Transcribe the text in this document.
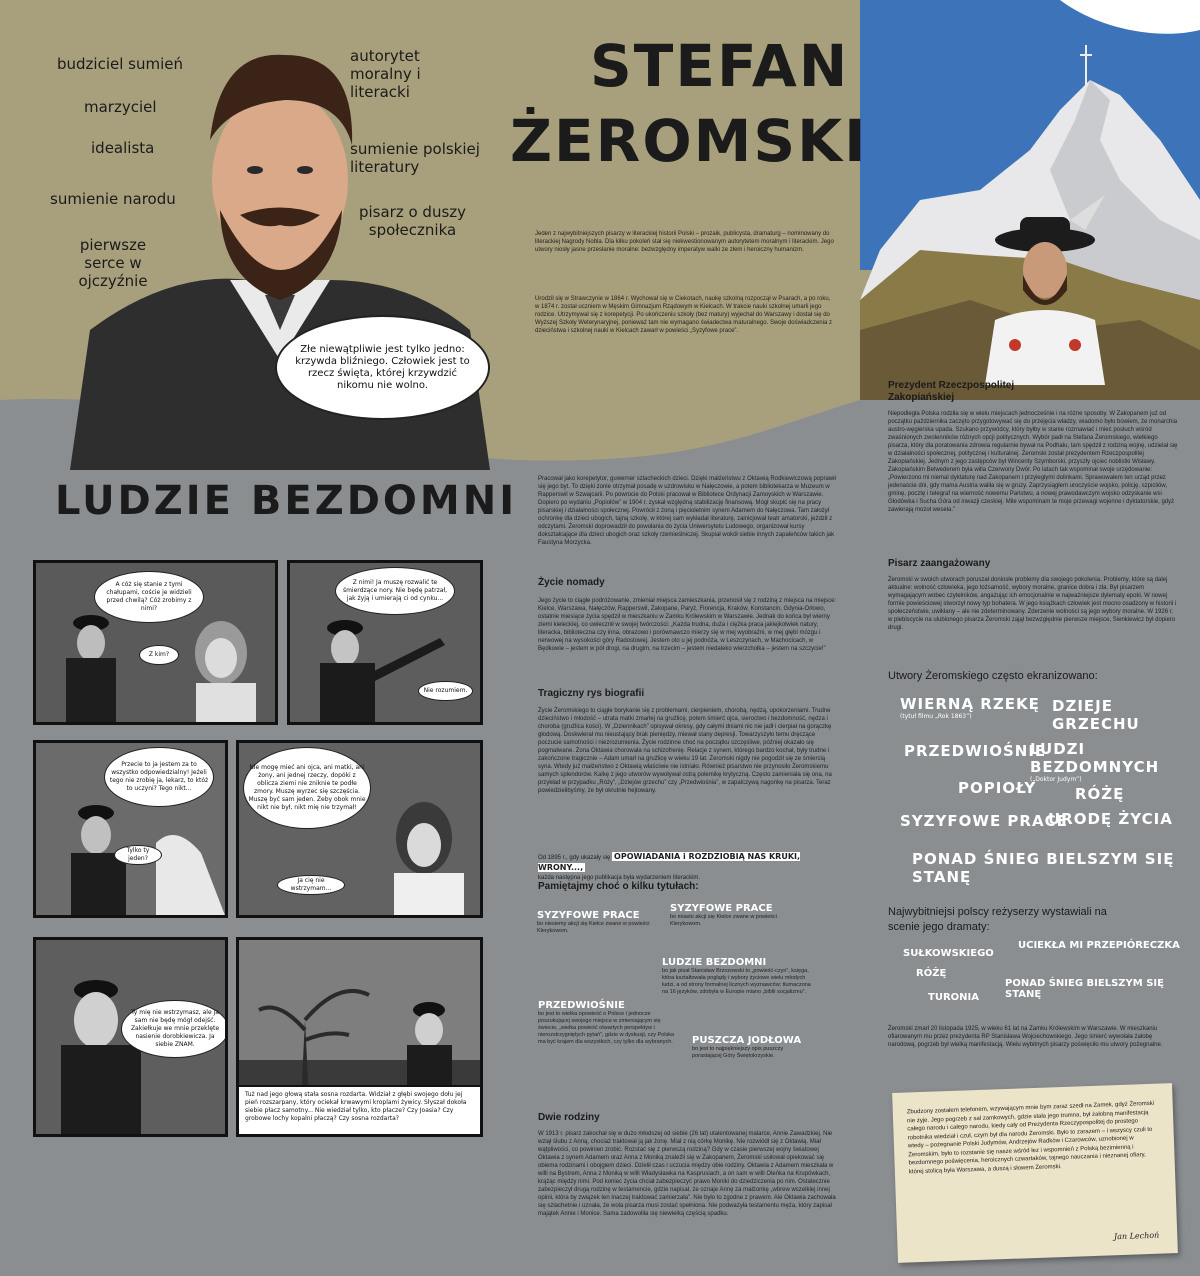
budziciel sumień
marzyciel
idealista
sumienie narodu
pierwsze serce w ojczyźnie
autorytet moralny i literacki
sumienie polskiej literatury
pisarz o duszy społecznika
Złe niewątpliwie jest tylko jedno: krzywda bliźniego. Człowiek jest to rzecz święta, której krzywdzić nikomu nie wolno.
STEFAN
ŻEROMSKI

Jeden z najwybitniejszych pisarzy w literackiej historii Polski – prozaik, publicysta, dramaturg – nominowany do literackiej Nagrody Nobla. Dla kilku pokoleń stał się niekwestionowanym autorytetem moralnym i literackim. Jego utwory niosły jasne przesłanie moralne: bezwzględny imperatyw walki ze złem i heroiczny humanizm.

Urodził się w Strawczynie w 1864 r. Wychował się w Ciekotach, naukę szkolną rozpoczął w Psarach, a po roku, w 1874 r. został uczniem w Męskim Gimnazjum Rządowym w Kielcach. W trakcie nauki szkolnej umarli jego rodzice. Utrzymywał się z korepetycji. Po ukończeniu szkoły (bez matury) wyjechał do Warszawy i dostał się do Wyższej Szkoły Weterynaryjnej, ponieważ tam nie wymagano świadectwa maturalnego. Swoje doświadczenia z dzieciństwa i szkolnej nauki w Kielcach zawarł w powieści „Syzyfowe prace”.

LUDZIE BEZDOMNI
A cóż się stanie z tymi chałupami, coście je widzieli przed chwilą? Cóż zrobimy z nimi?
Z kim?
Z nimi! Ja muszę rozwalić te śmierdzące nory. Nie będę patrzał, jak żyją i umierają ci od cynku...
Nie rozumiem.
Przecie to ja jestem za to wszystko odpowiedzialny! Jeżeli tego nie zrobię ja, lekarz, to któż to uczyni? Tego nikt...
Tylko ty jeden?
Nie mogę mieć ani ojca, ani matki, ani żony, ani jednej rzeczy, dopóki z oblicza ziemi nie zniknie te podłe zmory. Muszę wyrzec się szczęścia. Muszę być sam jeden. Żeby obok mnie nikt nie był, nikt mię nie trzymał!
Ja cię nie wstrzymam...
Ty mię nie wstrzymasz, ale ja sam nie będę mógł odejść. Zakiełkuje we mnie przeklęte nasienie dorobkiewicza. Ja siebie ZNAM.
Tuż nad jego głową stała sosna rozdarta. Widział z głębi swojego dołu jej pień rozszarpany, który ociekał krwawymi kroplami żywicy. Słyszał dokoła siebie płacz samotny... Nie wiedział tylko, kto płacze? Czy Joasia? Czy grobowe lochy kopalni płaczą? Czy sosna rozdarta?

Pracował jako korepetytor, guwerner szlacheckich dzieci. Dzięki małżeństwu z Oktawią Rodkiewiczową poprawił się jego byt. To dzięki żonie otrzymał posadę w uzdrowisku w Nałęczowie, a potem bibliotekarza w Muzeum w Rapperswil w Szwajcarii. Po powrocie do Polski pracował w Bibliotece Ordynacji Zamoyskich w Warszawie. Dopiero po wydaniu „Popiołów” w 1904 r. zyskał względną stabilizację finansową. Mógł skupić się na pracy pisarskiej i działalności społecznej. Powrócił z żoną i pięcioletnim synem Adamem do Nałęczowa. Tam założył ochronkę dla dzieci ubogich, tajną szkołę, w której sam wykładał literaturę, zainicjował teatr amatorski, jeździł z odczytami. Żeromski doprowadził do powołania do życia Uniwersytetu Ludowego, organizował kursy dokształcające dla dzieci ubogich oraz szkoły rzemieślniczej. Skupiał wokół siebie innych zapaleńców takich jak Faustyna Morzycka.

Życie nomady

Jego życie to ciągłe podróżowanie, zmieniał miejsca zamieszkania, przenosił się z rodziną z miejsca na miejsce: Kielce, Warszawa, Nałęczów, Rapperswil, Zakopane, Paryż, Florencja, Kraków, Konstancin, Gdynia-Orłowo, ostatnie miesiące życia spędził w mieszkaniu w Zamku Królewskim w Warszawie. Jednak do końca był wierny ziemi kieleckiej, co uwiecznił w swojej twórczości: „Każda trudna, duża i ciężka praca jakiejkolwiek natury, literacka, biblioteczna czy inna, obrazowo i porównawczo mierzy się w mej wyobraźni, w mej głębi mózgu i nerwowej na wysokości góry Radostowej. Jestem oto u jej podnóża, w Leszczynach, w Machocicach, w Będkowie – jestem w pół drogi, na drugim, na trzecim – jestem niedaleko wierzchołka – jestem na szczycie!”

Tragiczny rys biografii

Życie Żeromskiego to ciągłe borykanie się z problemami, cierpieniem, chorobą, nędzą, upokorzeniami. Trudne dzieciństwo i młodość – utrata matki zmarłej na gruźlicę, potem śmierć ojca, sieroctwo i bezdomność, nędza i choroba (gruźlica kości). W „Dziennikach” opisywał okresy, gdy całymi dniami nic nie jadł i cierpiał na gorączkę głodową. Doskwierał mu nieustający brak pieniędzy, miewał stany depresji. Towarzyszyło temu dręczące poczucie samotności i niezrozumienia. Życie rodzinne choć na początku szczęśliwe, później okazało się pogmatwane. Żona Oktawia chorowała na schizofrenię. Relacje z synem, którego bardzo kochał, były trudne i zakończone tragicznie – Adam umarł na gruźlicę w wieku 19 lat. Żeromski nigdy nie pogodził się ze śmiercią syna. Wtedy już małżeństwo z Oktawią właściwie nie istniało. Również pisarstwo nie przynosiło Żeromskiemu samych splendorów. Kalkę z jego utworów wywoływał ostrą polemikę krytyczną. Często zamieniała się ona, na przykład w przypadku „Róży”, „Dziejów grzechu” czy „Przedwiośnia”, w zapalczywą nagonkę na pisarza. Teraz powiedzielibyśmy, że był okrutnie hejtowany.

Od 1895 r., gdy ukazały się OPOWIADANIA i ROZDZIOBIĄ NAS KRUKI, WRONY...,
każda następna jego publikacja była wydarzeniem literackim.
Pamiętajmy choć o kilku tytułach:
SYZYFOWE PRACE
bo niesiemy akcji się Kielce zwane w powieści Klerykowom.
SYZYFOWE PRACE
bo miasto akcji się Kielce zwane w powieści Klerykowom.
LUDZIE BEZDOMNI
bo jak pisał Stanisław Brzozowski to „powieść-czyn”, księga, która kształtowała poglądy i wybory życiowe wielu młodych ludzi, a od strony formalnej licznych wyznawców; tłumaczona na 16 języków, zdobyła w Europie miano „biblii socjalizmu”.
PRZEDWIOŚNIE
bo jest to wielka opowieść o Polsce i jednocze poszukującej swojego miejsca w zmieniającym się świecie, „wielka powieść otwartych perspektyw i nierozstrzygniętych pytań”, gdzie w dyskusji, czy Polska ma być krajem dla wszystkich, czy tylko dla wybranych.	PUSZCZA JODŁOWA
bo jest to najpiękniejszy opis puszczy porastającej Góry Świętokrzyskie.
Dwie rodziny

W 1913 r. pisarz zakochał się w dużo młodszej od siebie (26 lat) utalentowanej malarce, Annie Zawadzkiej. Nie wziął ślubu z Anną, chociaż traktował ją jak żonę. Miał z nią córkę Monikę. Nie rozwiódł się z Oktawią. Miał wątpliwości, co powinien zrobić. Rozstać się z pierwszą rodziną? Gdy w czasie pierwszej wojny światowej Oktawia z synem Adamem oraz Anna z Moniką znaleźli się w Zakopanem, Żeromski usiłował opiekować się obiema rodzinami i obojgiem dzieci. Dzielił czas i uczucia między obie rodziny. Oktawia z Adamem mieszkała w willi na Bystrem, Anna z Moniką w willi Władysławka na Kasprusiach, a on sam w willi Oleńka na Krupówkach, krążąc między nimi. Pod koniec życia chciał zabezpieczyć prawo Moniki do dziedziczenia po nim. Ostatecznie zabezpieczył drugą rodzinę w testamencie, gdzie napisał, że oznaje Annę za małżonkę „wbrew wszelkiej innej opinii, która by związek ten inaczej traktować zamierzała”. Nie było to zgodne z prawem. Ale Oktawia zachowała się szlachetnie i uznała, że wola pisarza musi zostać spełniona. Nie podważyła testamentu męża, który zapisał majątek Annie i Monice. Sama zadowoliła się niewielką częścią spadku.

Prezydent Rzeczpospolitej Zakopiańskiej

Niepodległa Polska rodziła się w wielu miejscach jednocześnie i na różne sposoby. W Zakopanem już od początku października zaczęto przygotowywać się do przejęcia władzy, wiadomo było bowiem, że monarchia austro-węgierska upada. Szukano przywódcy, który byłby w stanie rozmawiać i mieć posłuch wśród zwaśnionych zwolenników różnych opcji politycznych. Wybór padł na Stefana Żeromskiego, wielkiego pisarza, który dla poratowania zdrowia regularnie bywał na Podhalu, tam spędził z rodziną wojnę, udzielał się w działalności społecznej, politycznej i kulturalnej. Żeromski został prezydentem Rzeczpospolitej Zakopiańskiej. Jednym z jego zastępców był Wincenty Szymborski, przyszły ojciec noblistki Wisławy. Zakopiańskim Belwederem była willa Czerwony Dwór. Po latach tak wspominał swoje urzędowanie: „Powierzono mi niemal dyktaturę nad Zakopanem i przyległymi dolinkami. Sprawowałem ten urząd przez jedenaście dni, gdy mama Austria waliła się w gruzy. Zaprzysiągłem uroczyście wojsko, policję, szpicliów, gminę, pocztę i telegraf na wierność nowemu Państwu, a nowej prawodawczym wojsko odzyskanie wsi Głodówka i Sucha Góra od inwazji czeskiej. Mile wspominam te moje przewagi wojenne i dyktatorskie, gdyż zawierają mozoł wesela.”

Pisarz zaangażowany

Żeromski w swoich utworach poruszał doniosłe problemy dla swojego pokolenia. Problemy, które są dalej aktualne: wolność człowieka, jego tożsamość, wybory moralne, granice dobra i zła. Był pisarzem wymagającym wobec czytelników, angażując ich emocjonalnie w najważniejsze dylematy epoki. W nowej formie powieściowej stworzył nowy typ bohatera. W jego książkach człowiek jest mocno osadzony w historii i społeczeństwie, uwikłany – ale nie zdeterminowany. Zderzenie wolności są jego wybory moralne. W 1926 r. w plebiscycie na ulubionego pisarza Żeromski zajął bezwzględnie pierwsze miejsce, Sienkiewicz był dopiero drugi.

Utwory Żeromskiego często ekranizowano:
WIERNĄ RZEKĘ
(tytuł filmu „Rok 1863”)
DZIEJE GRZECHU
PRZEDWIOŚNIE
LUDZI BEZDOMNYCH
(„Doktor Judym”)
POPIOŁY	RÓŻĘ
SYZYFOWE PRACE
URODĘ ŻYCIA
PONAD ŚNIEG BIELSZYM SIĘ STANĘ
Najwybitniejsi polscy reżyserzy wystawiali na scenie jego dramaty:
SUŁKOWSKIEGO
UCIEKŁA MI PRZEPIÓRECZKA
RÓŻĘ
PONAD ŚNIEG BIELSZYM SIĘ STANĘ
TURONIA

Żeromski zmarł 20 listopada 1925, w wieku 61 lat na Zamku Królewskim w Warszawie. W mieszkaniu ofiarowanym mu przez prezydenta RP Stanisława Wojciechowskiego. Jego śmierć wywołała żałobę narodową, pogrzeb był wielką manifestacją. Wielu wybitnych pisarzy poświęciło mu utwory pożegnalne.

Zbudzony zostałem telefonem, wzywającym mnie bym zaraz szedł na Zamek, gdyż Żeromski nie żyje. Jego pogrzeb z sal zamkowych, gdzie stała jego trumna, był żałobną manifestacją całego narodu i całego narodu, kiedy cały od Prezydenta Rzeczypospolitej do prostego robotnika wiedział i czuł, czym był dla narodu Żeromski. Było to zarazem – i wszyscy czuli to wtedy – pożegnanie Polski Judymów, Andrzejów Radków i Czarowców, uznobionej w Żeromskim, było to rozstanie się nasze wśród łez i wspomnień z Polską bezimienną i bezdomnego poświęcenia, heroicznych czwartaków, tajnego nauczania i nieznanej ofiary, której stolicą była Warszawa, a duszą i słowem Żeromski.
Jan Lechoń
